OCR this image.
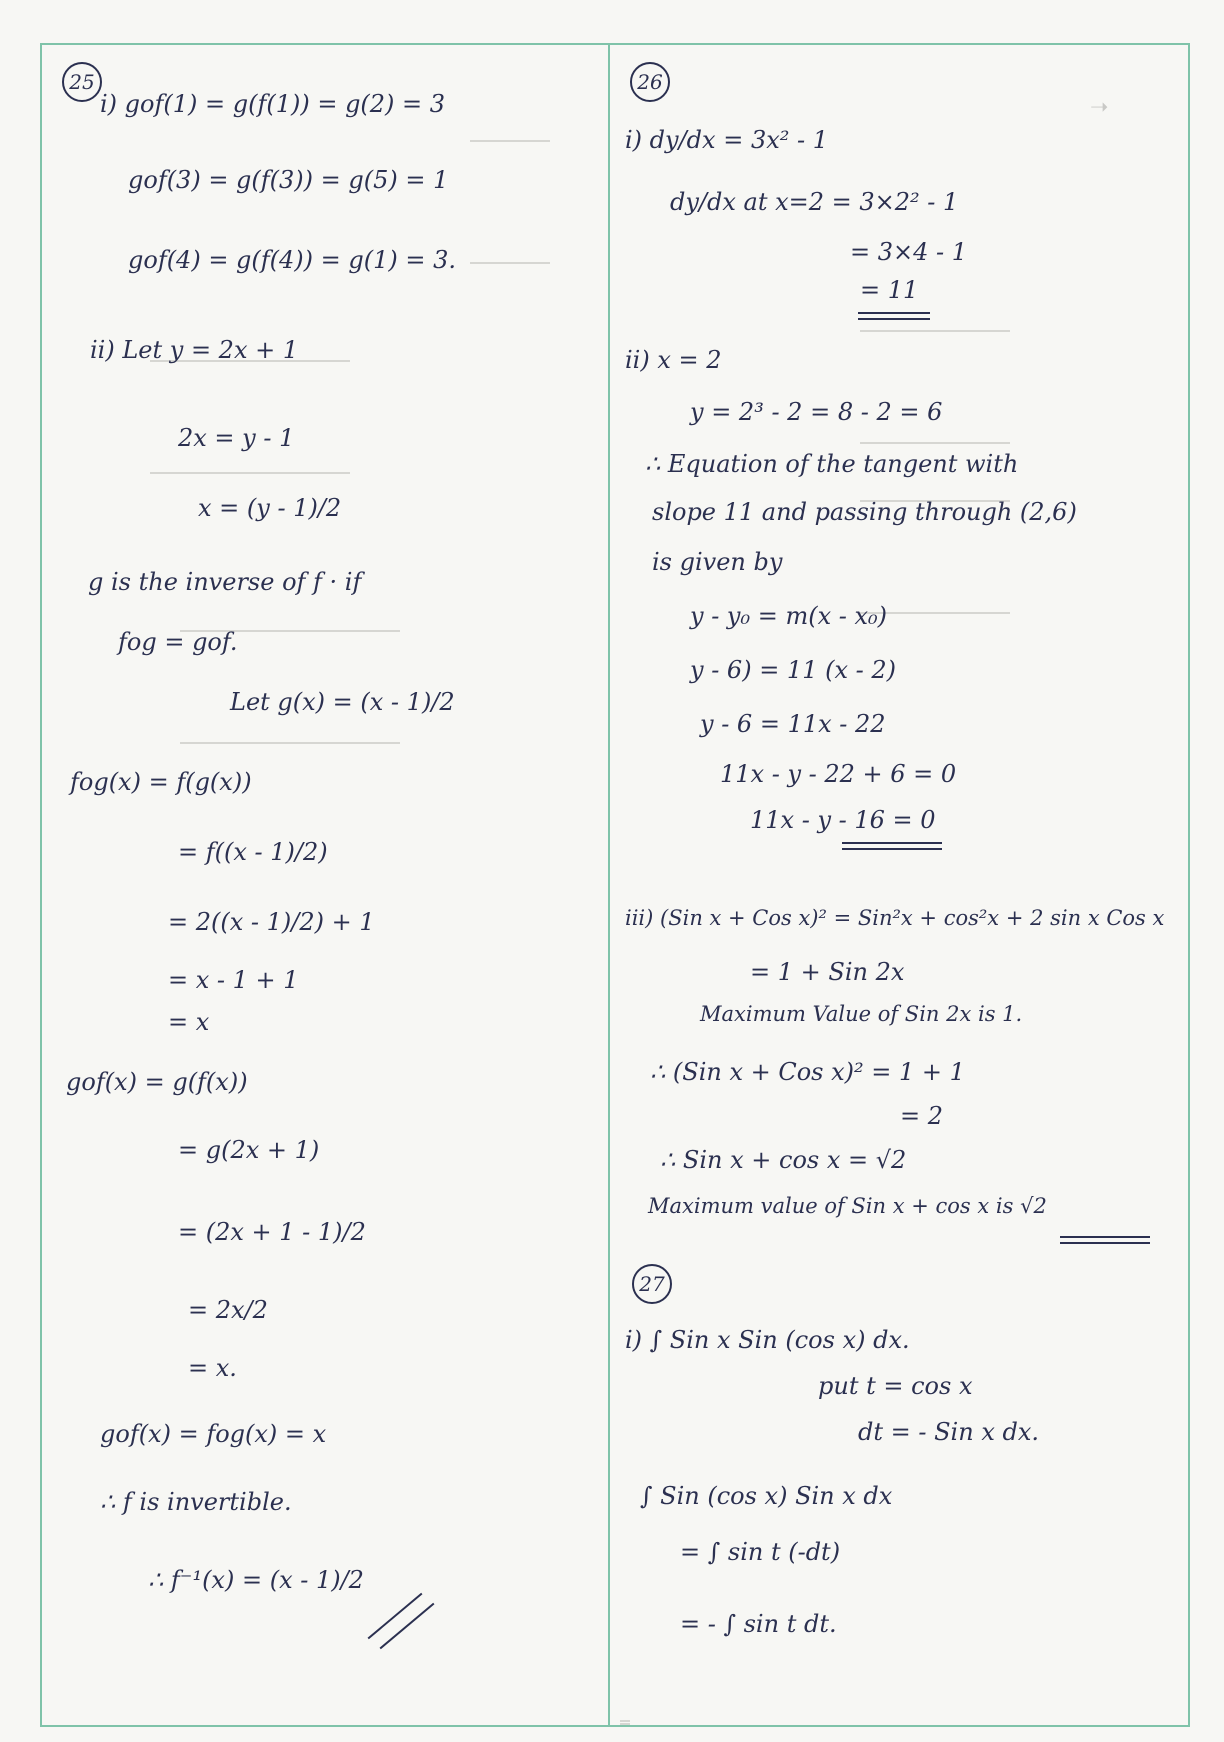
➝
25
i) gof(1) = g(f(1)) = g(2) = 3
gof(3) = g(f(3)) = g(5) = 1
gof(4) = g(f(4)) = g(1) = 3.
ii) Let y = 2x + 1
2x = y - 1
x = (y - 1)/2
g is the inverse of f · if
fog = gof.
Let g(x) = (x - 1)/2
fog(x) = f(g(x))
= f((x - 1)/2)
= 2((x - 1)/2) + 1
= x - 1 + 1
= x
gof(x) = g(f(x))
= g(2x + 1)
= (2x + 1 - 1)/2
= 2x/2
= x.
gof(x) = fog(x) = x
∴ f is invertible.
∴ f⁻¹(x) = (x - 1)/2
26
i) dy/dx = 3x² - 1
dy/dx at x=2 = 3×2² - 1
= 3×4 - 1
= 11
ii) x = 2
y = 2³ - 2 = 8 - 2 = 6
∴ Equation of the tangent with
slope 11 and passing through (2,6)
is given by
y - y₀ = m(x - x₀)
y - 6) = 11 (x - 2)
y - 6 = 11x - 22
11x - y - 22 + 6 = 0
11x - y - 16 = 0
iii) (Sin x + Cos x)² = Sin²x + cos²x + 2 sin x Cos x
= 1 + Sin 2x
Maximum Value of Sin 2x is 1.
∴ (Sin x + Cos x)² = 1 + 1
= 2
∴ Sin x + cos x = √2
Maximum value of Sin x + cos x is √2
27
i) ∫ Sin x Sin (cos x) dx.
put t = cos x
dt = - Sin x dx.
∫ Sin (cos x) Sin x dx
= ∫ sin t (-dt)
= - ∫ sin t dt.
